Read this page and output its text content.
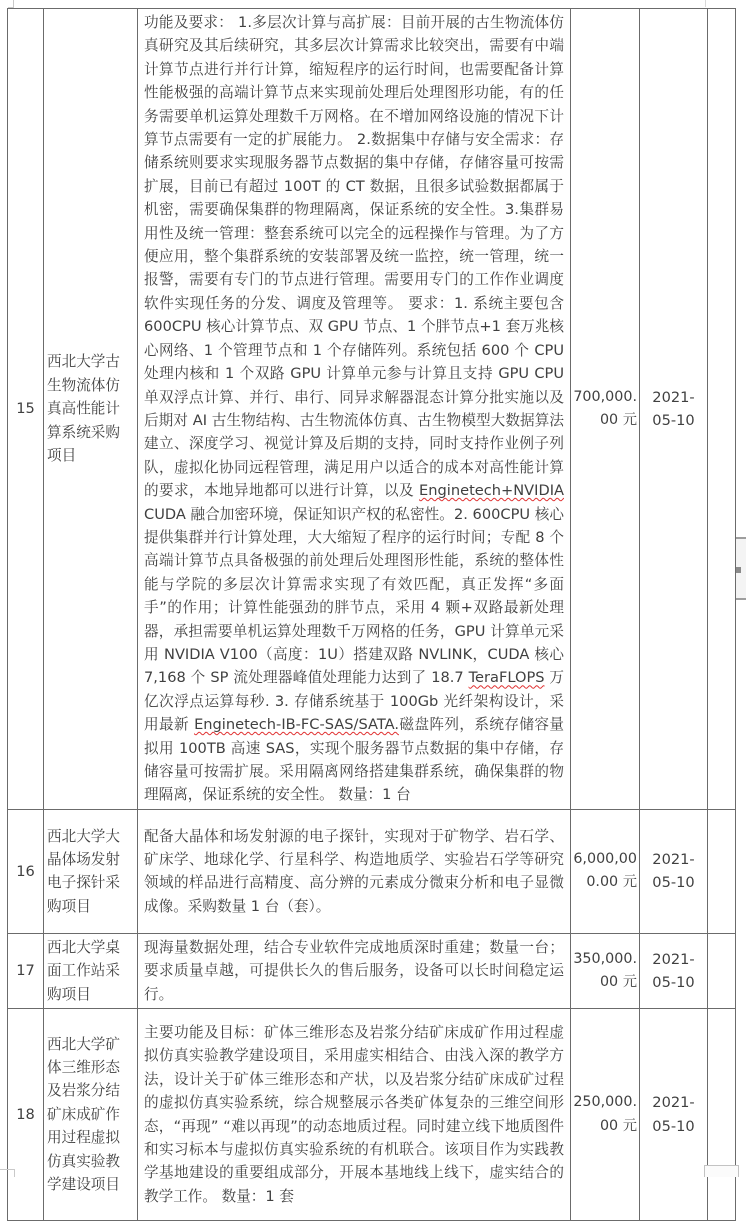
15	西北大学古生物流体仿真高性能计算系统采购项目	功能及要求： 1.多层次计算与高扩展：目前开展的古生物流体仿真研究及其后续研究，其多层次计算需求比较突出，需要有中端计算节点进行并行计算，缩短程序的运行时间，也需要配备计算性能极强的高端计算节点来实现前处理后处理图形功能，有的任务需要单机运算处理数千万网格。在不增加网络设施的情况下计算节点需要有一定的扩展能力。 2.数据集中存储与安全需求：存储系统则要求实现服务器节点数据的集中存储，存储容量可按需扩展，目前已有超过 100T 的 CT 数据，且很多试验数据都属于机密，需要确保集群的物理隔离，保证系统的安全性。3.集群易用性及统一管理：整套系统可以完全的远程操作与管理。为了方便应用，整个集群系统的安装部署及统一监控，统一管理，统一报警，需要有专门的节点进行管理。需要用专门的工作作业调度软件实现任务的分发、调度及管理等。 要求：1. 系统主要包含 600CPU 核心计算节点、双 GPU 节点、1 个胖节点+1 套万兆核心网络、1 个管理节点和 1 个存储阵列。系统包括 600 个 CPU 处理内核和 1 个双路 GPU 计算单元参与计算且支持 GPU CPU 单双浮点计算、并行、串行、同异求解器混态计算分批实施以及后期对 AI 古生物结构、古生物流体仿真、古生物模型大数据算法建立、深度学习、视觉计算及后期的支持，同时支持作业例子列队，虚拟化协同远程管理，满足用户以适合的成本对高性能计算的要求，本地异地都可以进行计算，以及 Enginetech+NVIDIA CUDA 融合加密环境，保证知识产权的私密性。2. 600CPU 核心提供集群并行计算处理，大大缩短了程序的运行时间；专配 8 个高端计算节点具备极强的前处理后处理图形性能，系统的整体性能与学院的多层次计算需求实现了有效匹配，真正发挥“多面手”的作用；计算性能强劲的胖节点，采用 4 颗+双路最新处理器，承担需要单机运算处理数千万网格的任务，GPU 计算单元采用 NVIDIA V100（高度：1U）搭建双路 NVLINK，CUDA 核心 7,168 个 SP 流处理器峰值处理能力达到了 18.7 TeraFLOPS 万亿次浮点运算每秒. 3. 存储系统基于 100Gb 光纤架构设计，采用最新 Enginetech-IB-FC-SAS/SATA.磁盘阵列，系统存储容量拟用 100TB 高速 SAS，实现个服务器节点数据的集中存储，存储容量可按需扩展。采用隔离网络搭建集群系统，确保集群的物理隔离，保证系统的安全性。 数量：1 台	700,000.00 元	2021-05-10	
16	西北大学大晶体场发射电子探针采购项目	配备大晶体和场发射源的电子探针，实现对于矿物学、岩石学、矿床学、地球化学、行星科学、构造地质学、实验岩石学等研究领域的样品进行高精度、高分辨的元素成分微束分析和电子显微成像。采购数量 1 台（套）。	6,000,000.00 元	2021-05-10	
17	西北大学桌面工作站采购项目	现海量数据处理，结合专业软件完成地质深时重建；数量一台；要求质量卓越，可提供长久的售后服务，设备可以长时间稳定运行。	350,000.00 元	2021-05-10	
18	西北大学矿体三维形态及岩浆分结矿床成矿作用过程虚拟仿真实验教学建设项目	主要功能及目标：矿体三维形态及岩浆分结矿床成矿作用过程虚拟仿真实验教学建设项目，采用虚实相结合、由浅入深的教学方法，设计关于矿体三维形态和产状，以及岩浆分结矿床成矿过程的虚拟仿真实验系统，综合规整展示各类矿体复杂的三维空间形态，“再现” “难以再现”的动态地质过程。同时建立线下地质图件和实习标本与虚拟仿真实验系统的有机联合。该项目作为实践教学基地建设的重要组成部分，开展本基地线上线下，虚实结合的教学工作。 数量：1 套	250,000.00 元	2021-05-10	
